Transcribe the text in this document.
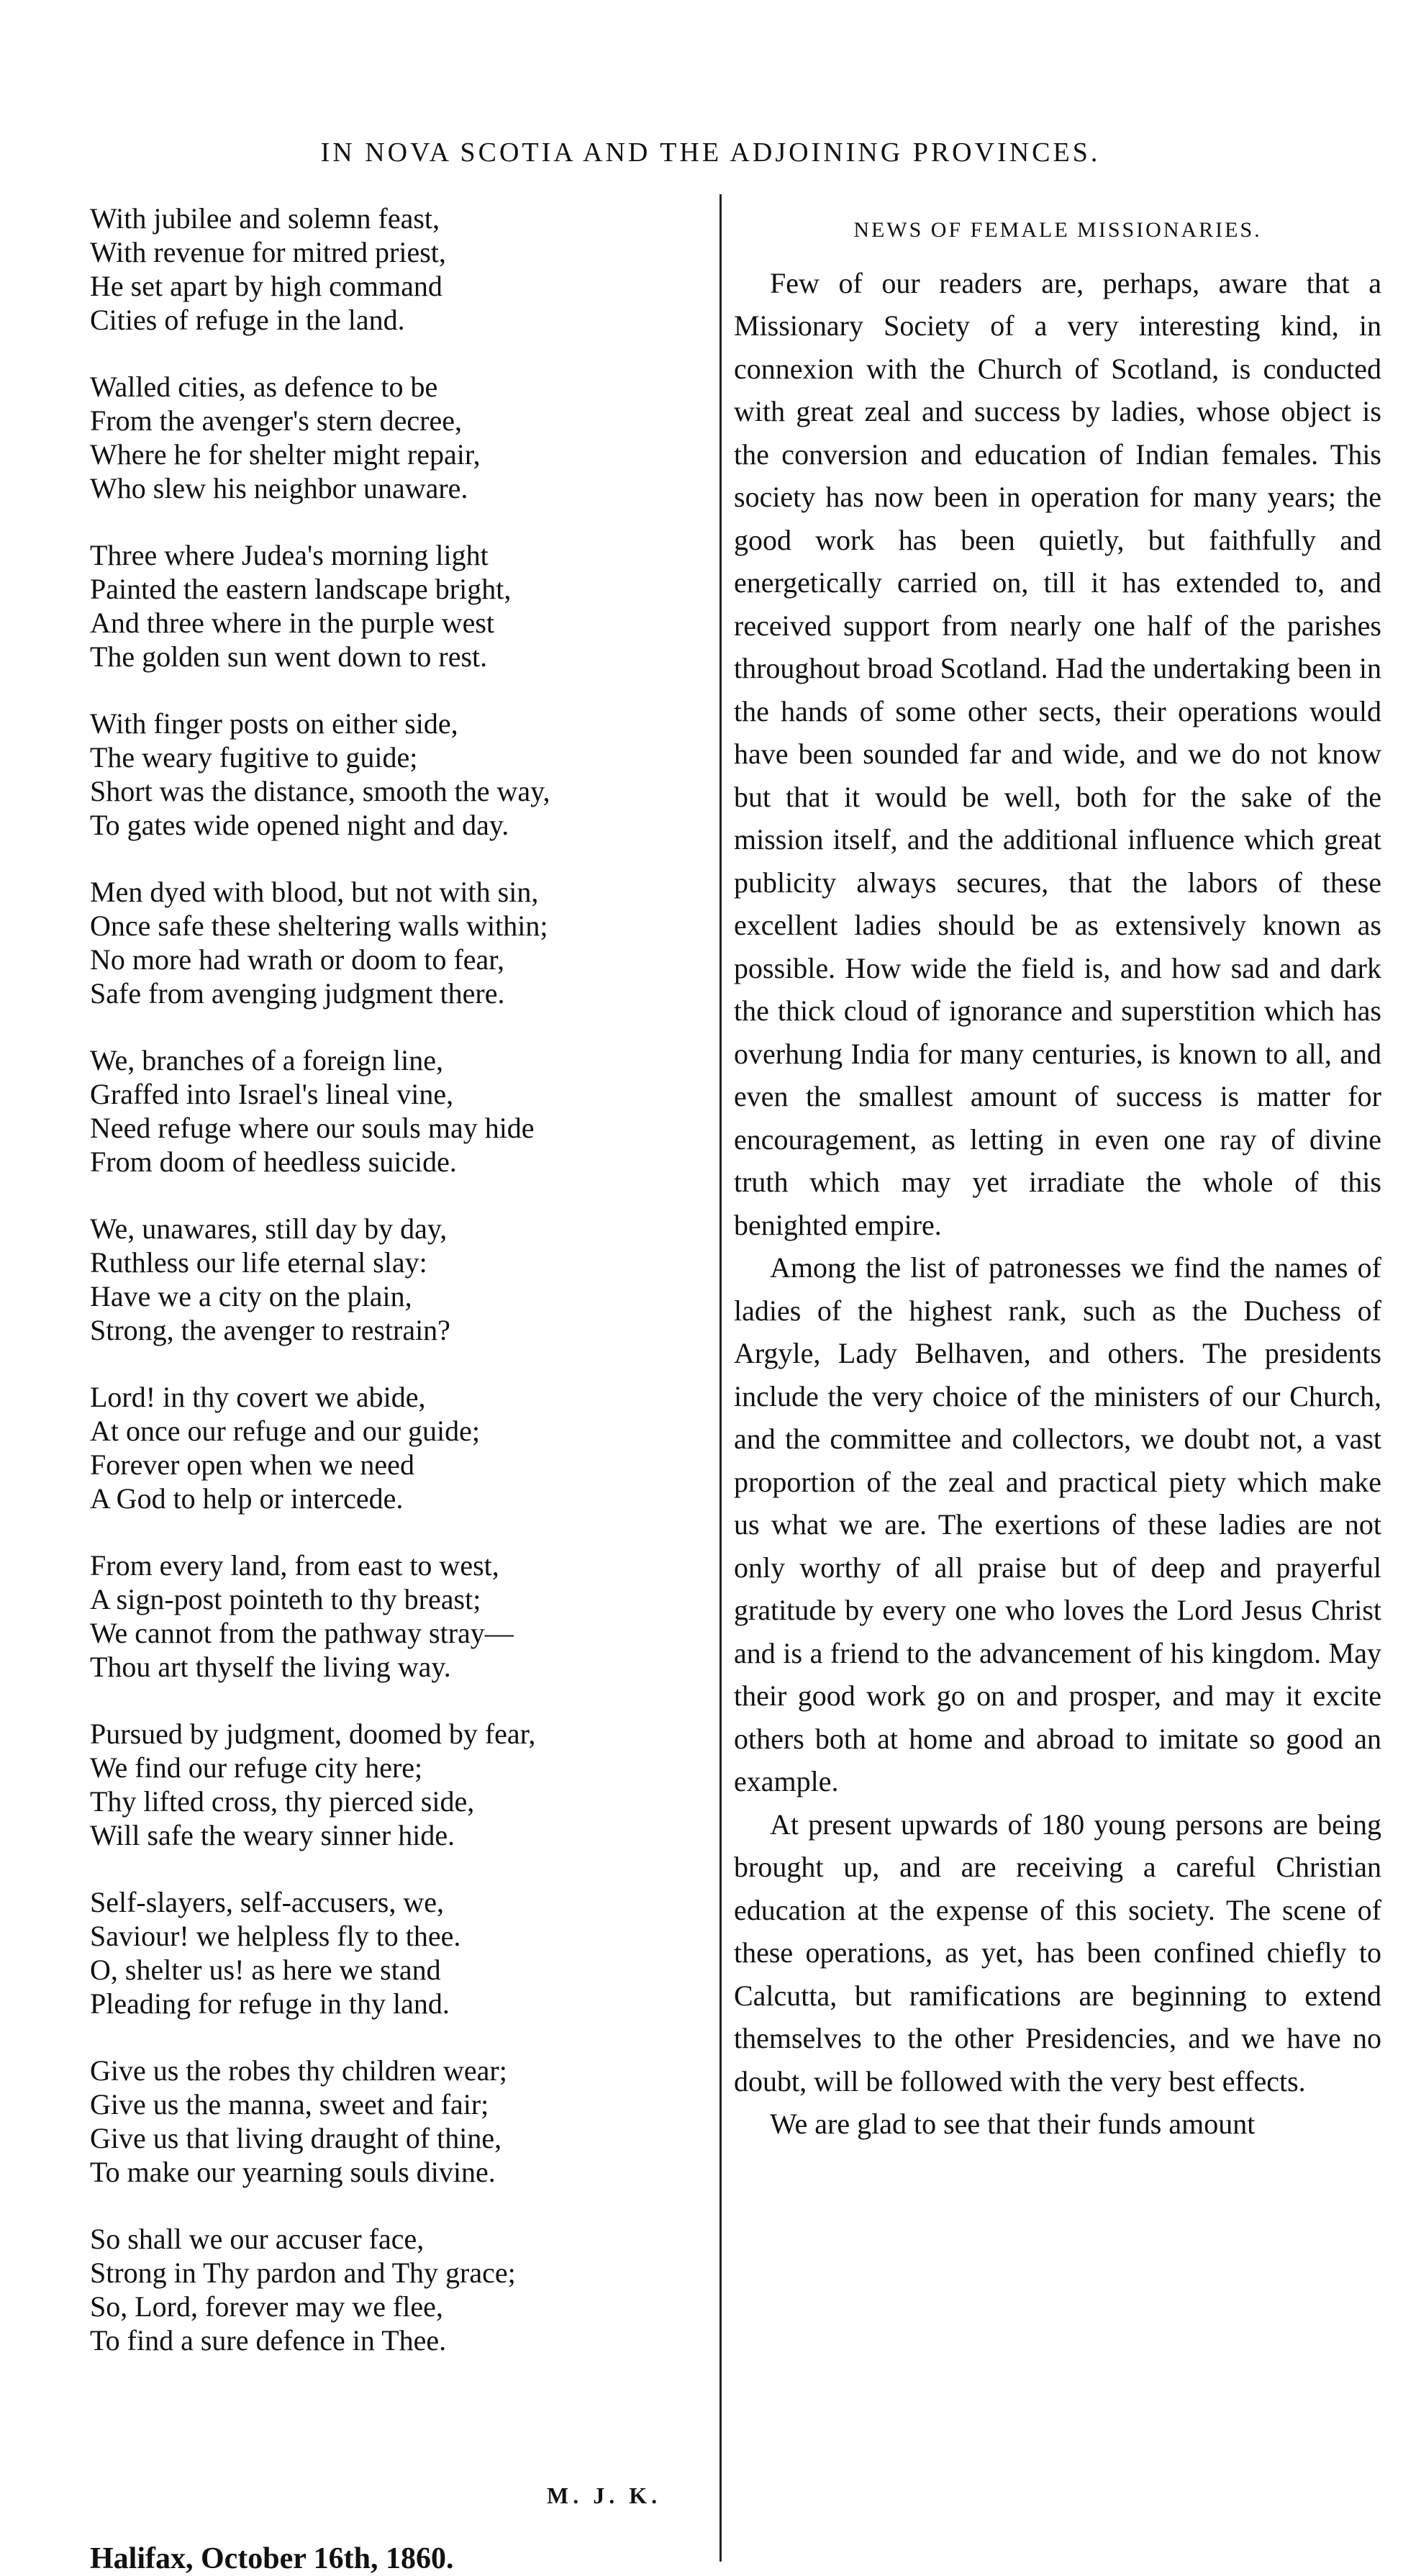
IN NOVA SCOTIA AND THE ADJOINING PROVINCES.
With jubilee and solemn feast,
With revenue for mitred priest,
He set apart by high command
Cities of refuge in the land.
Walled cities, as defence to be
From the avenger's stern decree,
Where he for shelter might repair,
Who slew his neighbor unaware.
Three where Judea's morning light
Painted the eastern landscape bright,
And three where in the purple west
The golden sun went down to rest.
With finger posts on either side,
The weary fugitive to guide;
Short was the distance, smooth the way,
To gates wide opened night and day.
Men dyed with blood, but not with sin,
Once safe these sheltering walls within;
No more had wrath or doom to fear,
Safe from avenging judgment there.
We, branches of a foreign line,
Graffed into Israel's lineal vine,
Need refuge where our souls may hide
From doom of heedless suicide.
We, unawares, still day by day,
Ruthless our life eternal slay:
Have we a city on the plain,
Strong, the avenger to restrain?
Lord! in thy covert we abide,
At once our refuge and our guide;
Forever open when we need
A God to help or intercede.
From every land, from east to west,
A sign-post pointeth to thy breast;
We cannot from the pathway stray—
Thou art thyself the living way.
Pursued by judgment, doomed by fear,
We find our refuge city here;
Thy lifted cross, thy pierced side,
Will safe the weary sinner hide.
Self-slayers, self-accusers, we,
Saviour! we helpless fly to thee.
O, shelter us! as here we stand
Pleading for refuge in thy land.
Give us the robes thy children wear;
Give us the manna, sweet and fair;
Give us that living draught of thine,
To make our yearning souls divine.
So shall we our accuser face,
Strong in Thy pardon and Thy grace;
So, Lord, forever may we flee,
To find a sure defence in Thee.
M. J. K.
Halifax, October 16th, 1860.
NEWS OF FEMALE MISSIONARIES.

Few of our readers are, perhaps, aware that a Missionary Society of a very interesting kind, in connexion with the Church of Scotland, is conducted with great zeal and success by ladies, whose object is the conversion and education of Indian females. This society has now been in operation for many years; the good work has been quietly, but faithfully and energetically carried on, till it has extended to, and received support from nearly one half of the parishes throughout broad Scotland. Had the undertaking been in the hands of some other sects, their operations would have been sounded far and wide, and we do not know but that it would be well, both for the sake of the mission itself, and the additional influence which great publicity always secures, that the labors of these excellent ladies should be as extensively known as possible. How wide the field is, and how sad and dark the thick cloud of ignorance and superstition which has overhung India for many centuries, is known to all, and even the smallest amount of success is matter for encouragement, as letting in even one ray of divine truth which may yet irradiate the whole of this benighted empire.

Among the list of patronesses we find the names of ladies of the highest rank, such as the Duchess of Argyle, Lady Belhaven, and others. The presidents include the very choice of the ministers of our Church, and the committee and collectors, we doubt not, a vast proportion of the zeal and practical piety which make us what we are. The exertions of these ladies are not only worthy of all praise but of deep and prayerful gratitude by every one who loves the Lord Jesus Christ and is a friend to the advancement of his kingdom. May their good work go on and prosper, and may it excite others both at home and abroad to imitate so good an example.

At present upwards of 180 young persons are being brought up, and are receiving a careful Christian education at the expense of this society. The scene of these operations, as yet, has been confined chiefly to Calcutta, but ramifications are beginning to extend themselves to the other Presidencies, and we have no doubt, will be followed with the very best effects.

We are glad to see that their funds amount
